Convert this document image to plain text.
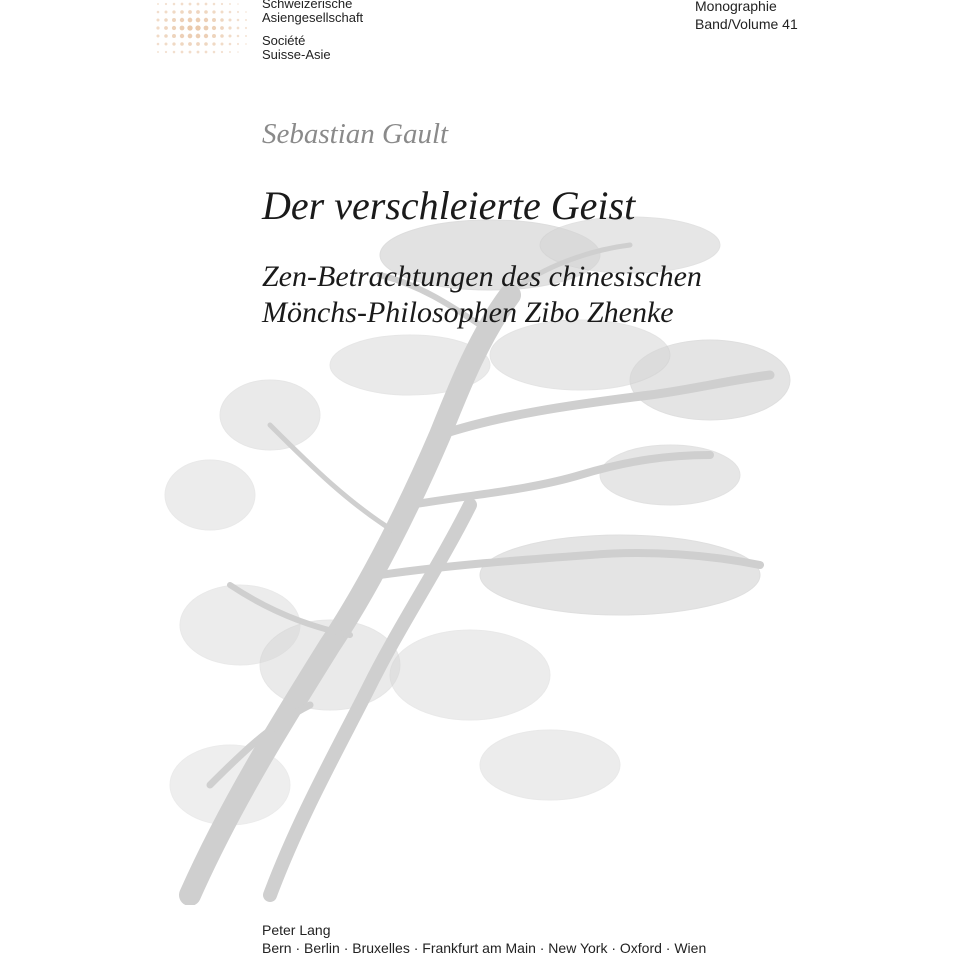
Schweizerische
Asiengesellschaft
Société
Suisse-Asie
Monographie
Band/Volume 41
Sebastian Gault
Der verschleierte Geist
Zen-Betrachtungen des chinesischen
Mönchs-Philosophen Zibo Zhenke
Peter Lang
Bern · Berlin · Bruxelles · Frankfurt am Main · New York · Oxford · Wien
